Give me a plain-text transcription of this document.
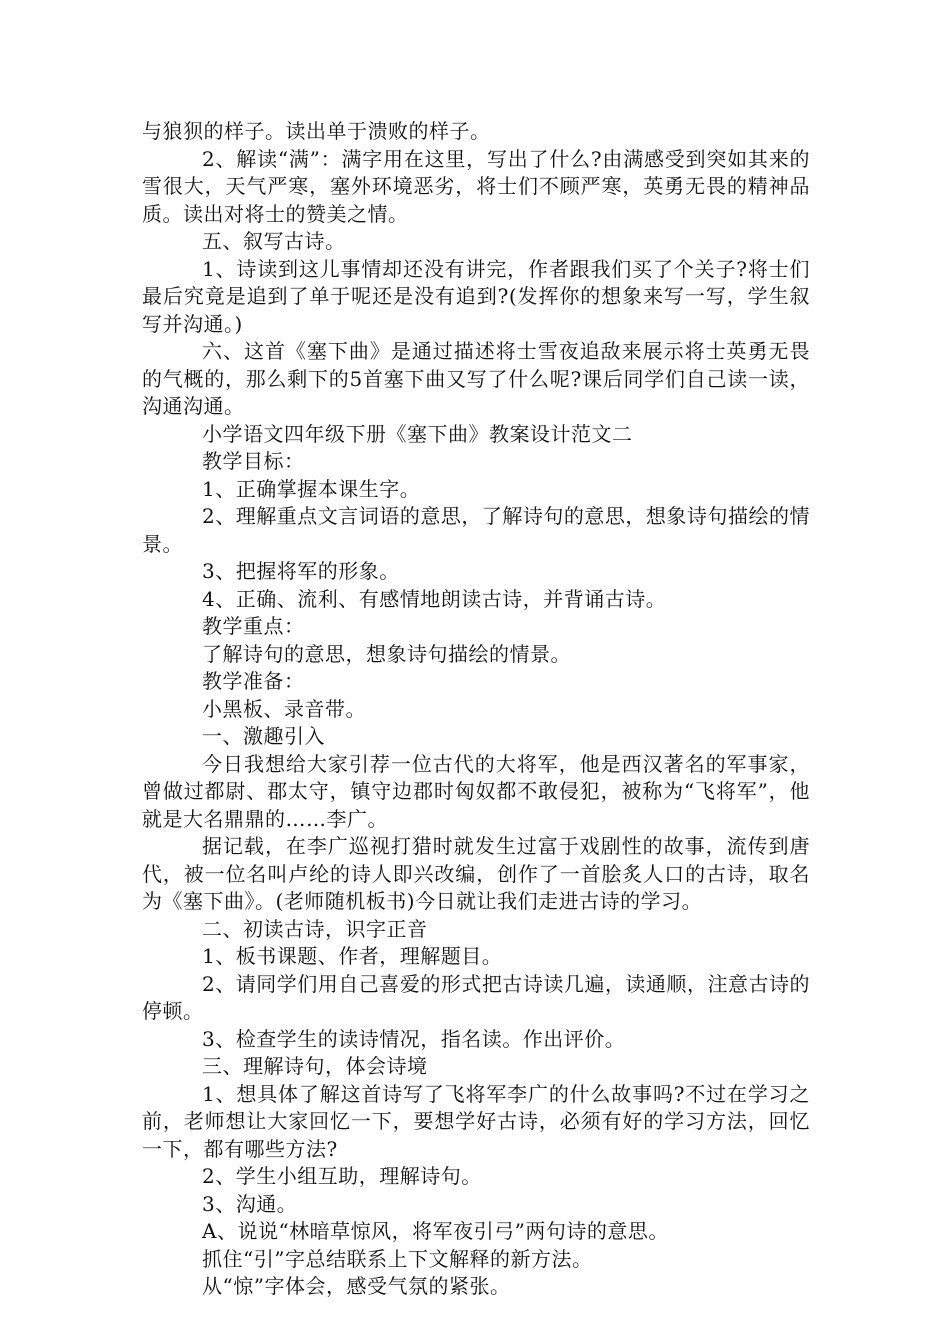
与狼狈的样子。读出单于溃败的样子。

2、解读“满”：满字用在这里，写出了什么?由满感受到突如其来的雪很大，天气严寒，塞外环境恶劣，将士们不顾严寒，英勇无畏的精神品质。读出对将士的赞美之情。

五、叙写古诗。

1、诗读到这儿事情却还没有讲完，作者跟我们买了个关子?将士们最后究竟是追到了单于呢还是没有追到?(发挥你的想象来写一写，学生叙写并沟通。)

六、这首《塞下曲》是通过描述将士雪夜追敌来展示将士英勇无畏的气概的，那么剩下的5首塞下曲又写了什么呢?课后同学们自己读一读，沟通沟通。

小学语文四年级下册《塞下曲》教案设计范文二

教学目标：

1、正确掌握本课生字。

2、理解重点文言词语的意思，了解诗句的意思，想象诗句描绘的情景。

3、把握将军的形象。

4、正确、流利、有感情地朗读古诗，并背诵古诗。

教学重点：

了解诗句的意思，想象诗句描绘的情景。

教学准备：

小黑板、录音带。

一、激趣引入

今日我想给大家引荐一位古代的大将军，他是西汉著名的军事家，曾做过都尉、郡太守，镇守边郡时匈奴都不敢侵犯，被称为“飞将军”，他就是大名鼎鼎的……李广。

据记载，在李广巡视打猎时就发生过富于戏剧性的故事，流传到唐代，被一位名叫卢纶的诗人即兴改编，创作了一首脍炙人口的古诗，取名为《塞下曲》。(老师随机板书)今日就让我们走进古诗的学习。

二、初读古诗，识字正音

1、板书课题、作者，理解题目。

2、请同学们用自己喜爱的形式把古诗读几遍，读通顺，注意古诗的停顿。

3、检查学生的读诗情况，指名读。作出评价。

三、理解诗句，体会诗境

1、想具体了解这首诗写了飞将军李广的什么故事吗?不过在学习之前，老师想让大家回忆一下，要想学好古诗，必须有好的学习方法，回忆一下，都有哪些方法?

2、学生小组互助，理解诗句。

3、沟通。

A、说说“林暗草惊风，将军夜引弓”两句诗的意思。

抓住“引”字总结联系上下文解释的新方法。

从“惊”字体会，感受气氛的紧张。
